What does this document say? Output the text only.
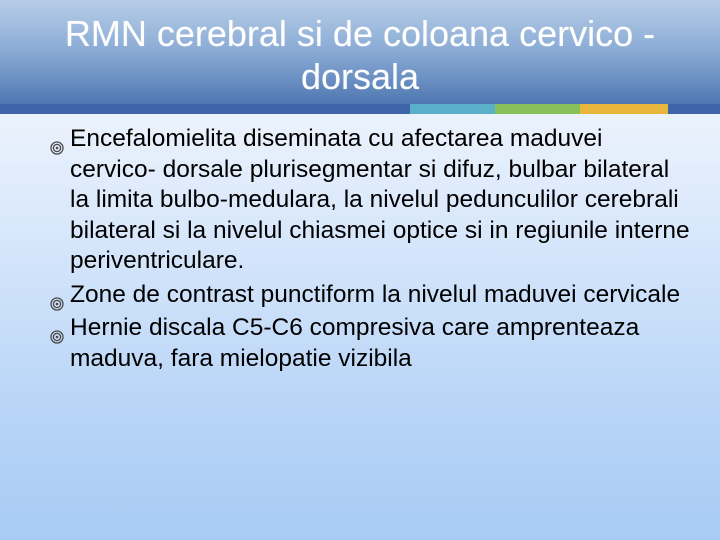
RMN cerebral si de coloana cervico -dorsala
Encefalomielita diseminata cu afectarea maduvei cervico- dorsale plurisegmentar si difuz, bulbar bilateral la limita bulbo-medulara, la nivelul pedunculilor cerebrali bilateral si la nivelul chiasmei optice si in regiunile interne periventriculare.
Zone de contrast punctiform la nivelul maduvei cervicale
Hernie discala C5-C6 compresiva care amprenteaza maduva, fara mielopatie vizibila
